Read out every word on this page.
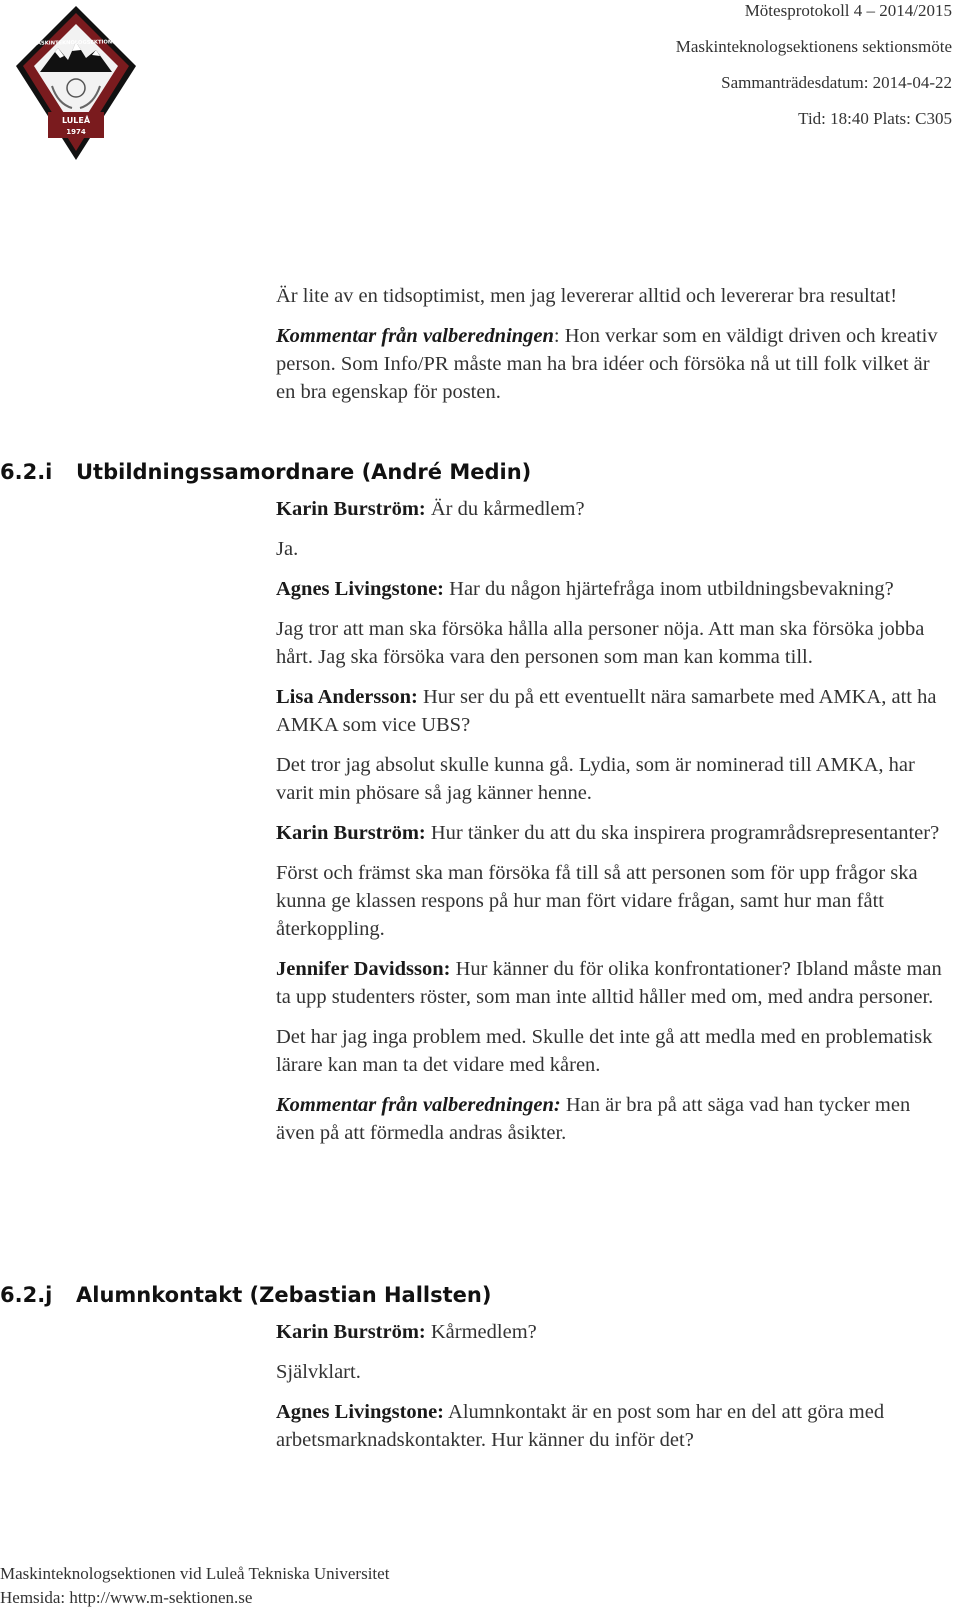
MASKINTEKNOLOGSEKTIONEN
LULEÅ
1974
Mötesprotokoll 4 – 2014/2015
Maskinteknologsektionens sektionsmöte
Sammanträdesdatum: 2014-04-22
Tid: 18:40 Plats: C305

Är lite av en tidsoptimist, men jag levererar alltid och levererar bra resultat!

Kommentar från valberedningen: Hon verkar som en väldigt driven och kreativ person. Som Info/PR måste man ha bra idéer och försöka nå ut till folk vilket är en bra egenskap för posten.

6.2.i Utbildningssamordnare (André Medin)

Karin Burström: Är du kårmedlem?

Ja.

Agnes Livingstone: Har du någon hjärtefråga inom utbildningsbevakning?

Jag tror att man ska försöka hålla alla personer nöja. Att man ska försöka jobba hårt. Jag ska försöka vara den personen som man kan komma till.

Lisa Andersson: Hur ser du på ett eventuellt nära samarbete med AMKA, att ha AMKA som vice UBS?

Det tror jag absolut skulle kunna gå. Lydia, som är nominerad till AMKA, har varit min phösare så jag känner henne.

Karin Burström: Hur tänker du att du ska inspirera programrådsrepresentanter?

Först och främst ska man försöka få till så att personen som för upp frågor ska kunna ge klassen respons på hur man fört vidare frågan, samt hur man fått återkoppling.

Jennifer Davidsson: Hur känner du för olika konfrontationer? Ibland måste man ta upp studenters röster, som man inte alltid håller med om, med andra personer.

Det har jag inga problem med. Skulle det inte gå att medla med en problematisk lärare kan man ta det vidare med kåren.

Kommentar från valberedningen: Han är bra på att säga vad han tycker men även på att förmedla andras åsikter.

6.2.j Alumnkontakt (Zebastian Hallsten)

Karin Burström: Kårmedlem?

Självklart.

Agnes Livingstone: Alumnkontakt är en post som har en del att göra med arbetsmarknadskontakter. Hur känner du inför det?

Maskinteknologsektionen vid Luleå Tekniska Universitet
Hemsida: http://www.m-sektionen.se
